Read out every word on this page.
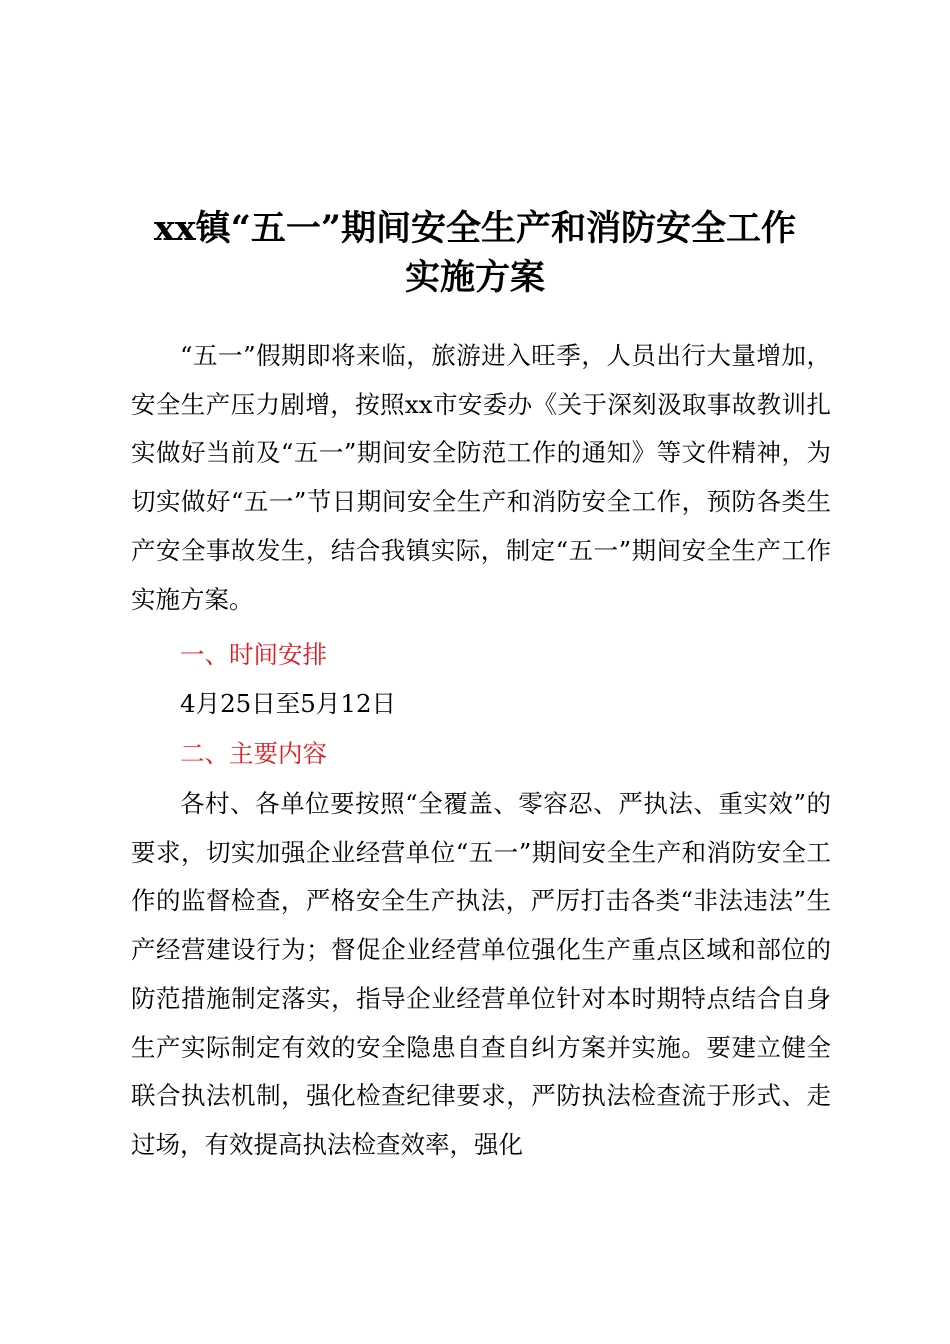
xx镇“五一”期间安全生产和消防安全工作
实施方案

“五一”假期即将来临，旅游进入旺季，人员出行大量增加，安全生产压力剧增，按照xx市安委办《关于深刻汲取事故教训扎实做好当前及“五一”期间安全防范工作的通知》等文件精神，为切实做好“五一”节日期间安全生产和消防安全工作，预防各类生产安全事故发生，结合我镇实际，制定“五一”期间安全生产工作实施方案。

一、时间安排
4月25日至5月12日
二、主要内容

各村、各单位要按照“全覆盖、零容忍、严执法、重实效”的要求，切实加强企业经营单位“五一”期间安全生产和消防安全工作的监督检查，严格安全生产执法，严厉打击各类“非法违法”生产经营建设行为；督促企业经营单位强化生产重点区域和部位的防范措施制定落实，指导企业经营单位针对本时期特点结合自身生产实际制定有效的安全隐患自查自纠方案并实施。要建立健全联合执法机制，强化检查纪律要求，严防执法检查流于形式、走过场，有效提高执法检查效率，强化
